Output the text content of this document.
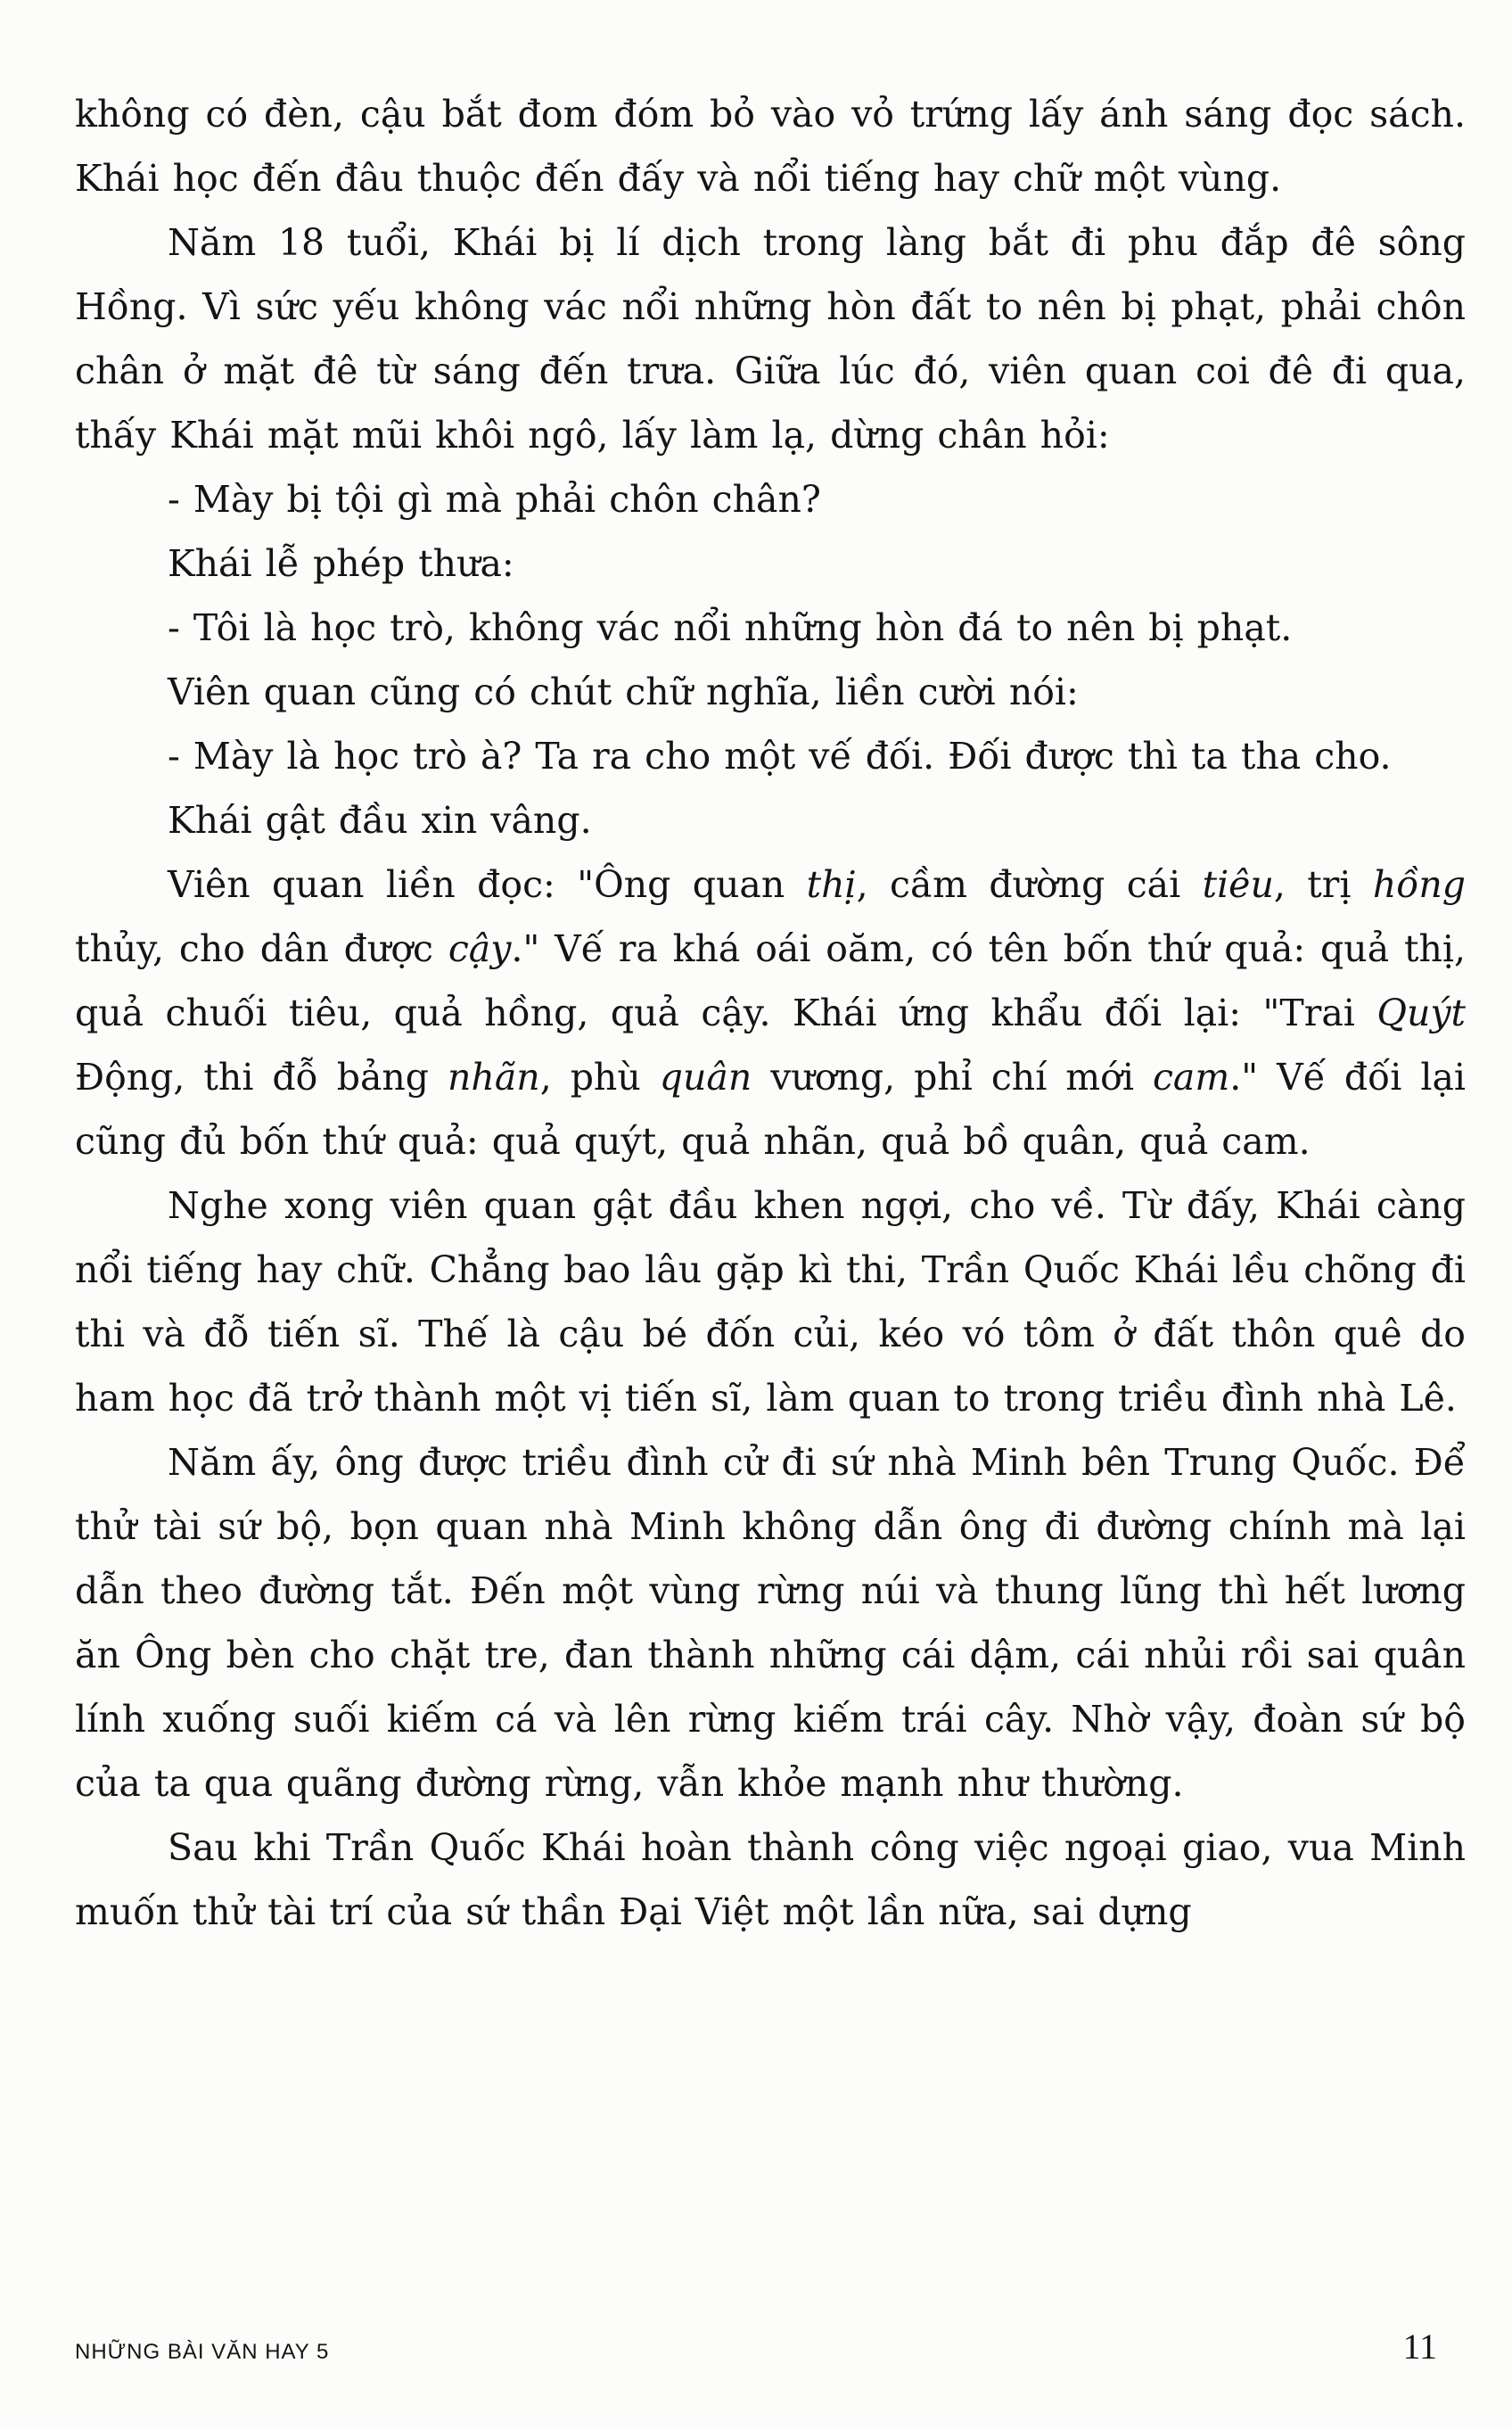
không có đèn, cậu bắt đom đóm bỏ vào vỏ trứng lấy ánh sáng đọc sách. Khái học đến đâu thuộc đến đấy và nổi tiếng hay chữ một vùng.

Năm 18 tuổi, Khái bị lí dịch trong làng bắt đi phu đắp đê sông Hồng. Vì sức yếu không vác nổi những hòn đất to nên bị phạt, phải chôn chân ở mặt đê từ sáng đến trưa. Giữa lúc đó, viên quan coi đê đi qua, thấy Khái mặt mũi khôi ngô, lấy làm lạ, dừng chân hỏi:

- Mày bị tội gì mà phải chôn chân?

Khái lễ phép thưa:

- Tôi là học trò, không vác nổi những hòn đá to nên bị phạt.

Viên quan cũng có chút chữ nghĩa, liền cười nói:

- Mày là học trò à? Ta ra cho một vế đối. Đối được thì ta tha cho.

Khái gật đầu xin vâng.

Viên quan liền đọc: "Ông quan thị, cầm đường cái tiêu, trị hồng thủy, cho dân được cậy." Vế ra khá oái oăm, có tên bốn thứ quả: quả thị, quả chuối tiêu, quả hồng, quả cậy. Khái ứng khẩu đối lại: "Trai Quýt Động, thi đỗ bảng nhãn, phù quân vương, phỉ chí mới cam." Vế đối lại cũng đủ bốn thứ quả: quả quýt, quả nhãn, quả bồ quân, quả cam.

Nghe xong viên quan gật đầu khen ngợi, cho về. Từ đấy, Khái càng nổi tiếng hay chữ. Chẳng bao lâu gặp kì thi, Trần Quốc Khái lều chõng đi thi và đỗ tiến sĩ. Thế là cậu bé đốn củi, kéo vó tôm ở đất thôn quê do ham học đã trở thành một vị tiến sĩ, làm quan to trong triều đình nhà Lê.

Năm ấy, ông được triều đình cử đi sứ nhà Minh bên Trung Quốc. Để thử tài sứ bộ, bọn quan nhà Minh không dẫn ông đi đường chính mà lại dẫn theo đường tắt. Đến một vùng rừng núi và thung lũng thì hết lương ăn Ông bèn cho chặt tre, đan thành những cái dậm, cái nhủi rồi sai quân lính xuống suối kiếm cá và lên rừng kiếm trái cây. Nhờ vậy, đoàn sứ bộ của ta qua quãng đường rừng, vẫn khỏe mạnh như thường.

Sau khi Trần Quốc Khái hoàn thành công việc ngoại giao, vua Minh muốn thử tài trí của sứ thần Đại Việt một lần nữa, sai dựng

NHỮNG BÀI VĂN HAY 5	11
